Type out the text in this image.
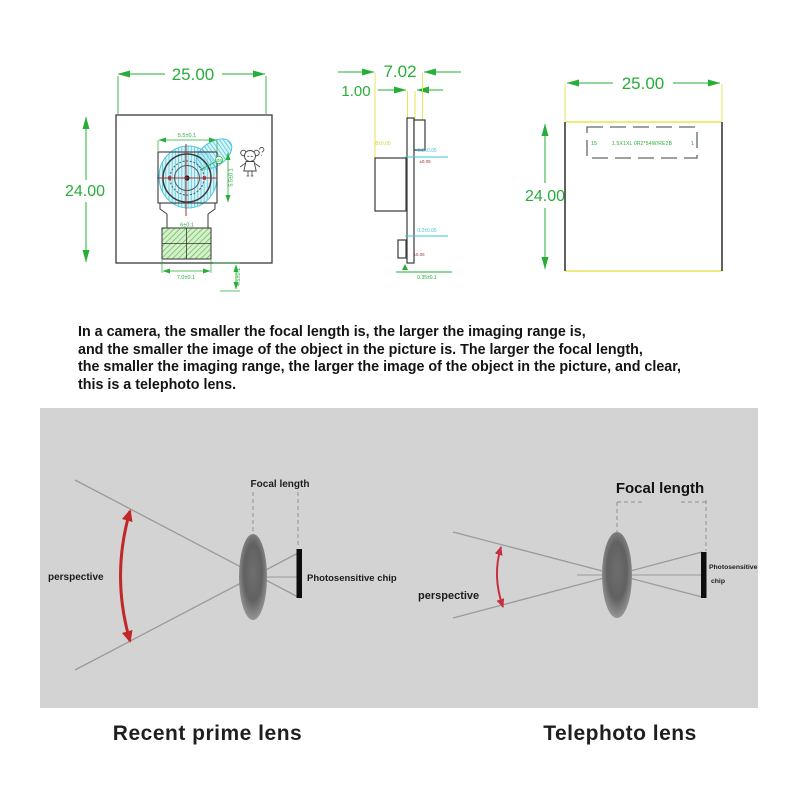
25.00
24.00
5.5±0.1
5.5±0.1
Ø8
6±0.1
7.0±0.1	4.5±0.1
7.02
1.00
8±0.05
0.2±0.05
±0.05
0.2±0.05
±0.05
0.35±0.1
25.00
24.00
15	1
1.5X1XL 0R2*54W/RE2B
In a camera, the smaller the focal length is, the larger the imaging range is,
and the smaller the image of the object in the picture is. The larger the focal length,
the smaller the imaging range, the larger the image of the object in the picture, and clear,
this is a telephoto lens.
Focal length
perspective	Photosensitive chip
Focal length
perspective
Photosensitive
chip
Recent prime lens	Telephoto lens
